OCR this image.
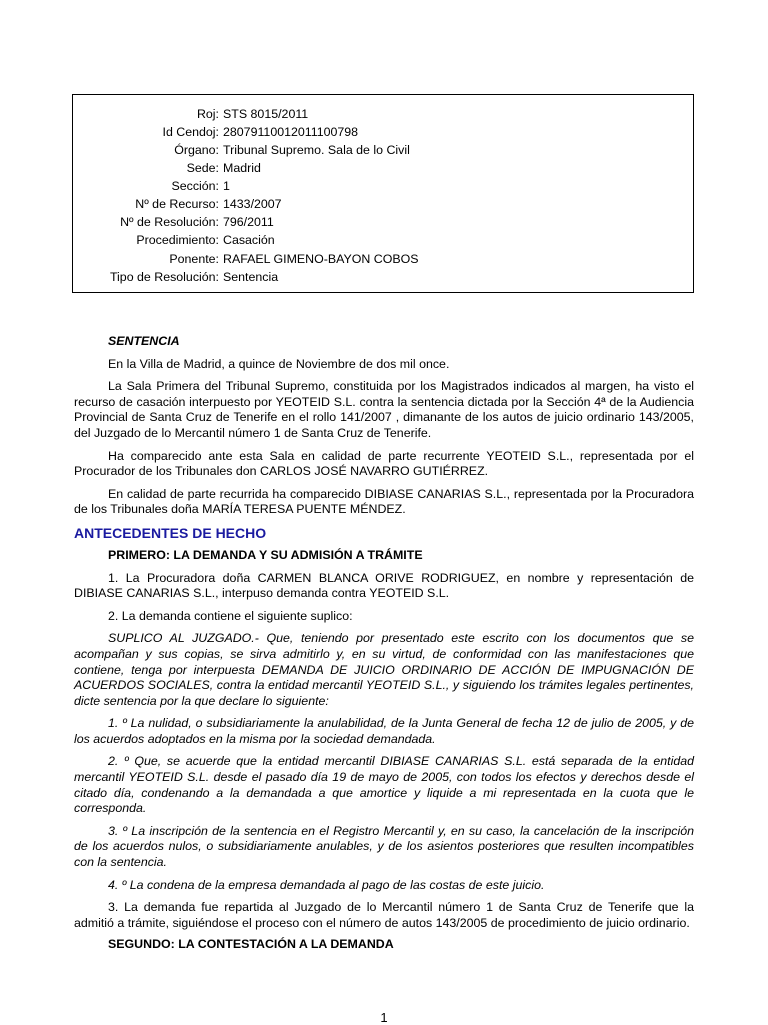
Roj: STS 8015/2011
Id Cendoj: 28079110012011100798
Órgano: Tribunal Supremo. Sala de lo Civil
Sede: Madrid
Sección: 1
Nº de Recurso: 1433/2007
Nº de Resolución: 796/2011
Procedimiento: Casación
Ponente: RAFAEL GIMENO-BAYON COBOS
Tipo de Resolución: Sentencia
SENTENCIA

En la Villa de Madrid, a quince de Noviembre de dos mil once.

La Sala Primera del Tribunal Supremo, constituida por los Magistrados indicados al margen, ha visto el recurso de casación interpuesto por YEOTEID S.L. contra la sentencia dictada por la Sección 4ª de la Audiencia Provincial de Santa Cruz de Tenerife en el rollo 141/2007 , dimanante de los autos de juicio ordinario 143/2005, del Juzgado de lo Mercantil número 1 de Santa Cruz de Tenerife.

Ha comparecido ante esta Sala en calidad de parte recurrente YEOTEID S.L., representada por el Procurador de los Tribunales don CARLOS JOSÉ NAVARRO GUTIÉRREZ.

En calidad de parte recurrida ha comparecido DIBIASE CANARIAS S.L., representada por la Procuradora de los Tribunales doña MARÍA TERESA PUENTE MÉNDEZ.

ANTECEDENTES DE HECHO
PRIMERO: LA DEMANDA Y SU ADMISIÓN A TRÁMITE

1. La Procuradora doña CARMEN BLANCA ORIVE RODRIGUEZ, en nombre y representación de DIBIASE CANARIAS S.L., interpuso demanda contra YEOTEID S.L.

2. La demanda contiene el siguiente suplico:

SUPLICO AL JUZGADO.- Que, teniendo por presentado este escrito con los documentos que se acompañan y sus copias, se sirva admitirlo y, en su virtud, de conformidad con las manifestaciones que contiene, tenga por interpuesta DEMANDA DE JUICIO ORDINARIO DE ACCIÓN DE IMPUGNACIÓN DE ACUERDOS SOCIALES, contra la entidad mercantil YEOTEID S.L., y siguiendo los trámites legales pertinentes, dicte sentencia por la que declare lo siguiente:

1. º La nulidad, o subsidiariamente la anulabilidad, de la Junta General de fecha 12 de julio de 2005, y de los acuerdos adoptados en la misma por la sociedad demandada.

2. º Que, se acuerde que la entidad mercantil DIBIASE CANARIAS S.L. está separada de la entidad mercantil YEOTEID S.L. desde el pasado día 19 de mayo de 2005, con todos los efectos y derechos desde el citado día, condenando a la demandada a que amortice y liquide a mi representada en la cuota que le corresponda.

3. º La inscripción de la sentencia en el Registro Mercantil y, en su caso, la cancelación de la inscripción de los acuerdos nulos, o subsidiariamente anulables, y de los asientos posteriores que resulten incompatibles con la sentencia.

4. º La condena de la empresa demandada al pago de las costas de este juicio.

3. La demanda fue repartida al Juzgado de lo Mercantil número 1 de Santa Cruz de Tenerife que la admitió a trámite, siguiéndose el proceso con el número de autos 143/2005 de procedimiento de juicio ordinario.

SEGUNDO: LA CONTESTACIÓN A LA DEMANDA
1
